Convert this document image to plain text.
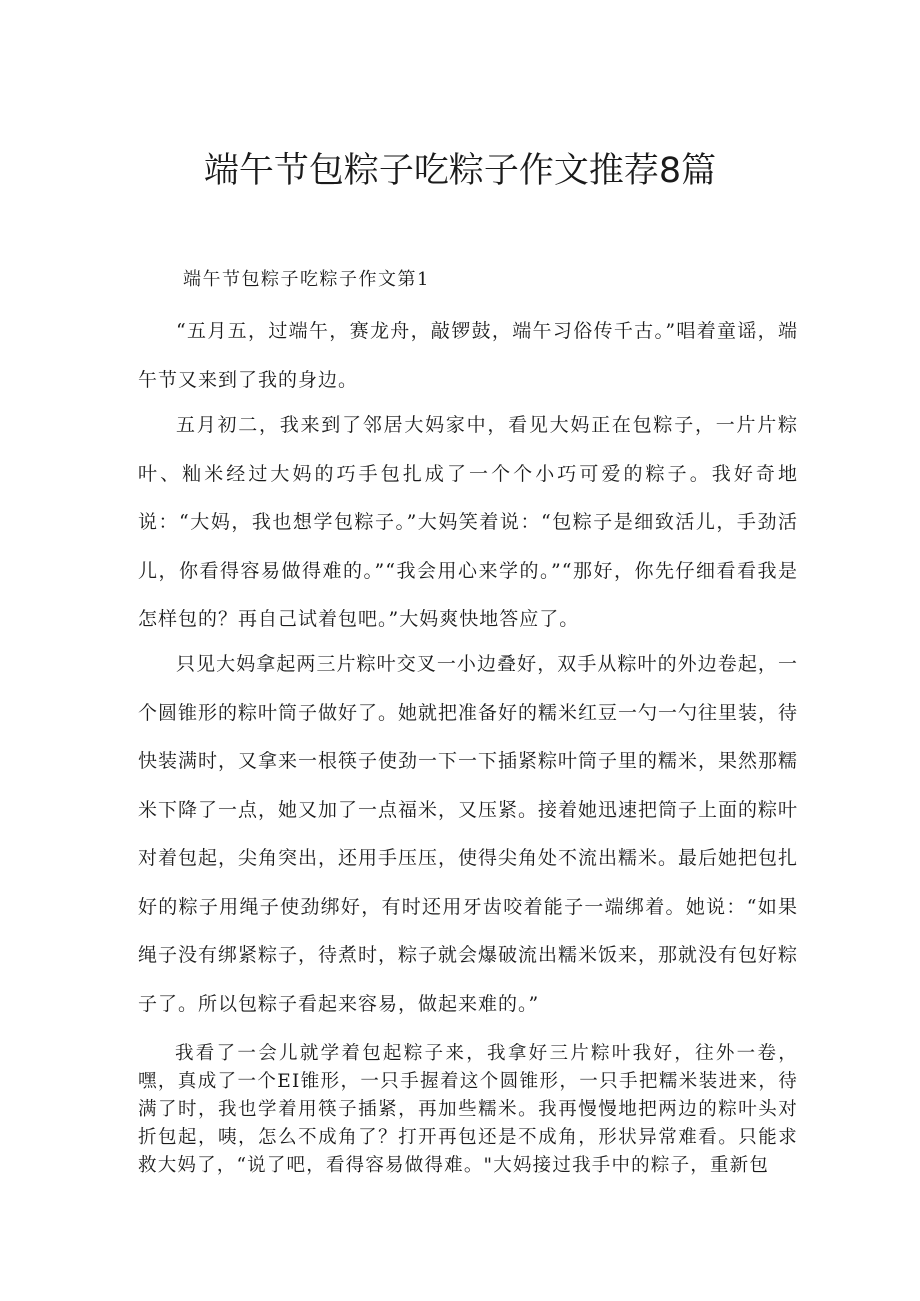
端午节包粽子吃粽子作文推荐8篇
端午节包粽子吃粽子作文第1

“五月五，过端午，赛龙舟，敲锣鼓，端午习俗传千古。”唱着童谣，端午节又来到了我的身边。

五月初二，我来到了邻居大妈家中，看见大妈正在包粽子，一片片粽叶、籼米经过大妈的巧手包扎成了一个个小巧可爱的粽子。我好奇地说：“大妈，我也想学包粽子。”大妈笑着说：“包粽子是细致活儿，手劲活儿，你看得容易做得难的。”“我会用心来学的。”“那好，你先仔细看看我是怎样包的？再自己试着包吧。”大妈爽快地答应了。

只见大妈拿起两三片粽叶交叉一小边叠好，双手从粽叶的外边卷起，一个圆锥形的粽叶筒子做好了。她就把准备好的糯米红豆一勺一勺往里装，待快装满时，又拿来一根筷子使劲一下一下插紧粽叶筒子里的糯米，果然那糯米下降了一点，她又加了一点福米，又压紧。接着她迅速把筒子上面的粽叶对着包起，尖角突出，还用手压压，使得尖角处不流出糯米。最后她把包扎好的粽子用绳子使劲绑好，有时还用牙齿咬着能子一端绑着。她说：“如果绳子没有绑紧粽子，待煮时，粽子就会爆破流出糯米饭来，那就没有包好粽子了。所以包粽子看起来容易，做起来难的。”

我看了一会儿就学着包起粽子来，我拿好三片粽叶我好，往外一卷，嘿，真成了一个EI锥形，一只手握着这个圆锥形，一只手把糯米装进来，待满了时，我也学着用筷子插紧，再加些糯米。我再慢慢地把两边的粽叶头对折包起，咦，怎么不成角了？打开再包还是不成角，形状异常难看。只能求救大妈了，“说了吧，看得容易做得难。"大妈接过我手中的粽子，重新包
